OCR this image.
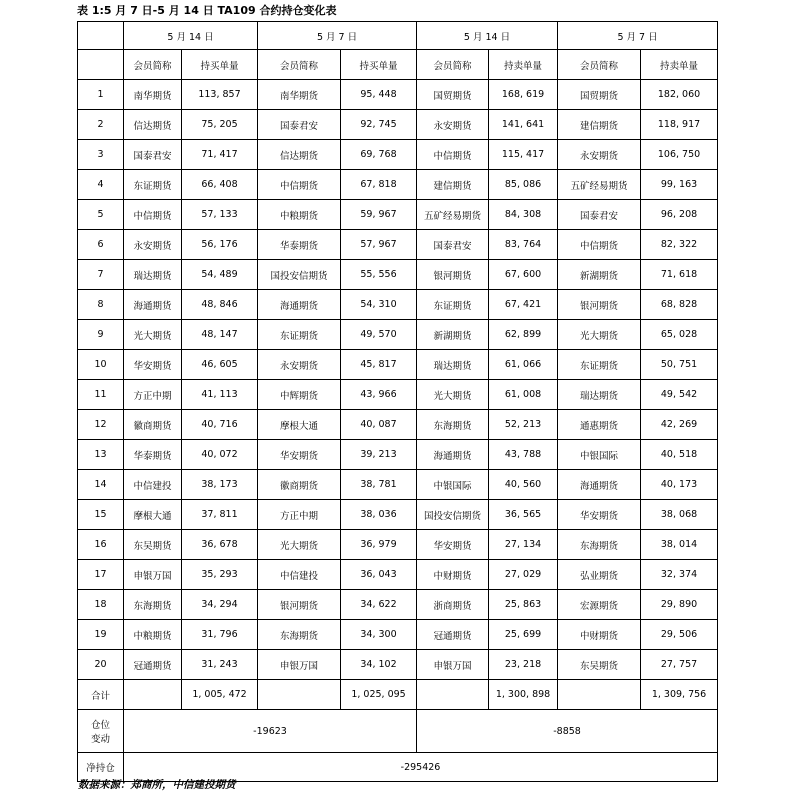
表 1:5 月 7 日-5 月 14 日 TA109 合约持仓变化表
	5 月 14 日		5 月 7 日		5 月 14 日		5 月 7 日	
	会员简称	持买单量	会员简称	持买单量	会员简称	持卖单量	会员简称	持卖单量
1	南华期货	113, 857	南华期货	95, 448	国贸期货	168, 619	国贸期货	182, 060
2	信达期货	75, 205	国泰君安	92, 745	永安期货	141, 641	建信期货	118, 917
3	国泰君安	71, 417	信达期货	69, 768	中信期货	115, 417	永安期货	106, 750
4	东证期货	66, 408	中信期货	67, 818	建信期货	85, 086	五矿经易期货	99, 163
5	中信期货	57, 133	中粮期货	59, 967	五矿经易期货	84, 308	国泰君安	96, 208
6	永安期货	56, 176	华泰期货	57, 967	国泰君安	83, 764	中信期货	82, 322
7	瑞达期货	54, 489	国投安信期货	55, 556	银河期货	67, 600	新湖期货	71, 618
8	海通期货	48, 846	海通期货	54, 310	东证期货	67, 421	银河期货	68, 828
9	光大期货	48, 147	东证期货	49, 570	新湖期货	62, 899	光大期货	65, 028
10	华安期货	46, 605	永安期货	45, 817	瑞达期货	61, 066	东证期货	50, 751
11	方正中期	41, 113	中辉期货	43, 966	光大期货	61, 008	瑞达期货	49, 542
12	徽商期货	40, 716	摩根大通	40, 087	东海期货	52, 213	通惠期货	42, 269
13	华泰期货	40, 072	华安期货	39, 213	海通期货	43, 788	中银国际	40, 518
14	中信建投	38, 173	徽商期货	38, 781	中银国际	40, 560	海通期货	40, 173
15	摩根大通	37, 811	方正中期	38, 036	国投安信期货	36, 565	华安期货	38, 068
16	东吴期货	36, 678	光大期货	36, 979	华安期货	27, 134	东海期货	38, 014
17	申银万国	35, 293	中信建投	36, 043	中财期货	27, 029	弘业期货	32, 374
18	东海期货	34, 294	银河期货	34, 622	浙商期货	25, 863	宏源期货	29, 890
19	中粮期货	31, 796	东海期货	34, 300	冠通期货	25, 699	中财期货	29, 506
20	冠通期货	31, 243	申银万国	34, 102	申银万国	23, 218	东吴期货	27, 757
合计		1, 005, 472		1, 025, 095		1, 300, 898		1, 309, 756
仓位
变动	-19623				-8858			
净持仓	-295426							
数据来源：郑商所，中信建投期货
